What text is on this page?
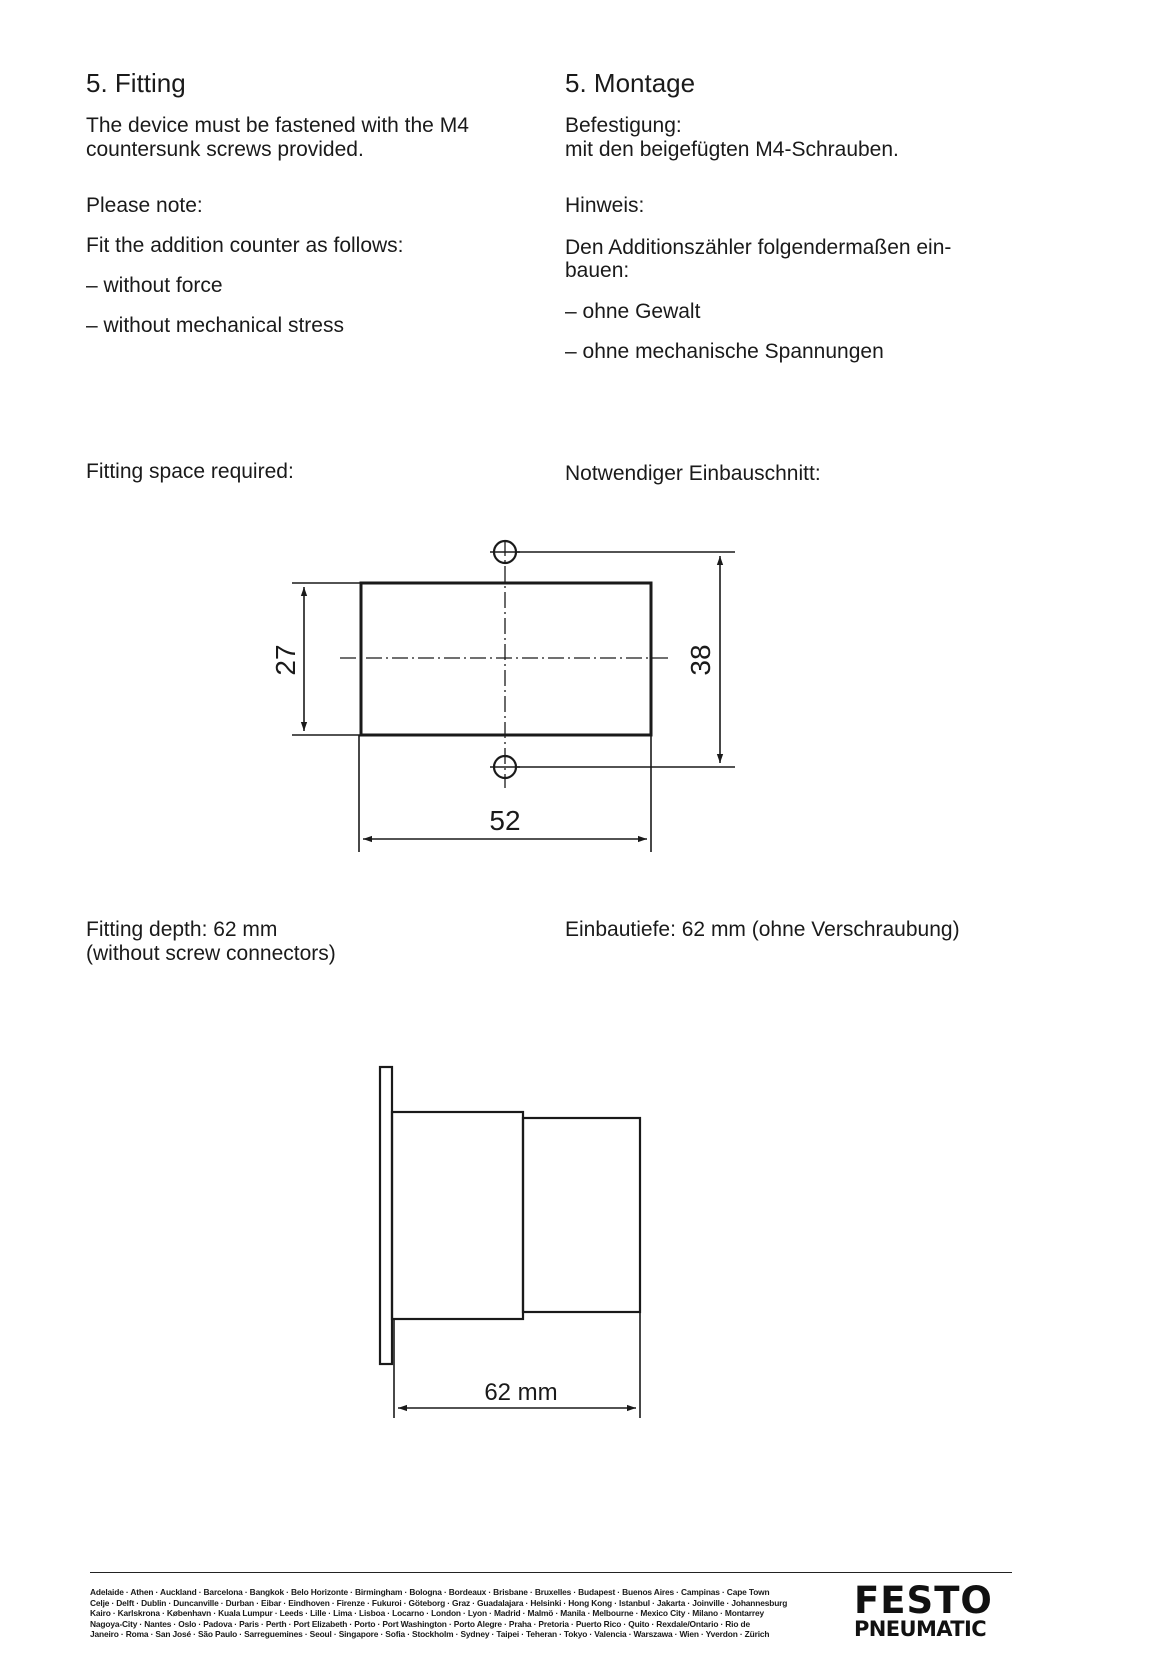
5. Fitting
The device must be fastened with the M4
countersunk screws provided.
Please note:
Fit the addition counter as follows:
– without force
– without mechanical stress
Fitting space required:
Fitting depth: 62 mm
(without screw connectors)
5. Montage
Befestigung:
mit den beigefügten M4-Schrauben.
Hinweis:
Den Additionszähler folgendermaßen ein-
bauen:
– ohne Gewalt
– ohne mechanische Spannungen
Notwendiger Einbauschnitt:
Einbautiefe: 62 mm (ohne Verschraubung)
27	38
52
62 mm
Adelaide · Athen · Auckland · Barcelona · Bangkok · Belo Horizonte · Birmingham · Bologna · Bordeaux · Brisbane · Bruxelles · Budapest · Buenos Aires · Campinas · Cape Town
Celje · Delft · Dublin · Duncanville · Durban · Eibar · Eindhoven · Firenze · Fukuroi · Göteborg · Graz · Guadalajara · Helsinki · Hong Kong · Istanbul · Jakarta · Joinville · Johannesburg
Kairo · Karlskrona · København · Kuala Lumpur · Leeds · Lille · Lima · Lisboa · Locarno · London · Lyon · Madrid · Malmö · Manila · Melbourne · Mexico City · Milano · Montarrey
Nagoya-City · Nantes · Oslo · Padova · Paris · Perth · Port Elizabeth · Porto · Port Washington · Porto Alegre · Praha · Pretoria · Puerto Rico · Quito · Rexdale/Ontario · Rio de
Janeiro · Roma · San José · São Paulo · Sarreguemines · Seoul · Singapore · Sofia · Stockholm · Sydney · Taipei · Teheran · Tokyo · Valencia · Warszawa · Wien · Yverdon · Zürich
FESTO
PNEUMATIC
